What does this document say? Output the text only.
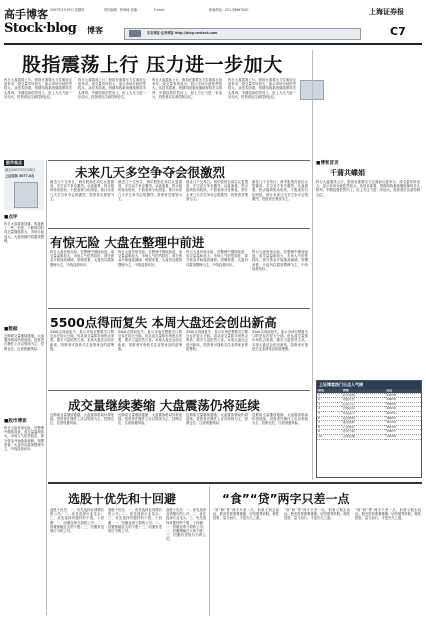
高手博客 2007年3月29日 星期四	责任编辑：张海涛 美编：	E-mail：	新闻热线：021-38967000	上海证券报
Stock·blog 博客	实名博客·证券博客 http://blog.cnstock.com	C7
股指震荡上行 压力进一步加大
昨日大盘震荡上行，股指在重要压力位面前反复争夺，成交量有所放大，显示市场分歧依然较大。从技术面看，短期均线系统继续保持多头排列，中期趋势依然向上，但上方压力进一步加大，投资者应注意控制仓位。
昨日大盘震荡上行，股指在重要压力位面前反复争夺，成交量有所放大，显示市场分歧依然较大。从技术面看，短期均线系统继续保持多头排列，中期趋势依然向上，但上方压力进一步加大，投资者应注意控制仓位。
昨日大盘震荡上行，股指在重要压力位面前反复争夺，成交量有所放大，显示市场分歧依然较大。从技术面看，短期均线系统继续保持多头排列，中期趋势依然向上，但上方压力进一步加大，投资者应注意控制仓位。
昨日大盘震荡上行，股指在重要压力位面前反复争夺，成交量有所放大，显示市场分歧依然较大。从技术面看，短期均线系统继续保持多头排列，中期趋势依然向上，但上方压力进一步加大，投资者应注意控制仓位。
股市观点
截至2007年3月28日
上证综指 3077.8点
■点评
昨日大盘震荡回落，收盘跌了一些。但是，下跌的同时成交量继续放大，市场分歧加大，大盘短期内将震荡整理。
■数据
近期成交量继续萎缩，大盘震荡格局仍将延续。投资者在操作上应以短线为主，控制仓位，注意规避风险。
■股市博客
昨日大盘有惊无险，在整理中继续前进。成交量温和放大，市场人气依然较旺，部分资金开始逢高减磅。短期来看，大盘仍以震荡整理为主，中线趋势向好。
未来几天多空争夺会很激烈
最近几个交易日，两市股指在高位反复震荡，多空双方争夺激烈。从盘面看，热点板块轮动较快，个股表现分化明显。预计未来几天多空争夺会很激烈，投资者宜观望为主。
最近几个交易日，两市股指在高位反复震荡，多空双方争夺激烈。从盘面看，热点板块轮动较快，个股表现分化明显。预计未来几天多空争夺会很激烈，投资者宜观望为主。
最近几个交易日，两市股指在高位反复震荡，多空双方争夺激烈。从盘面看，热点板块轮动较快，个股表现分化明显。预计未来几天多空争夺会很激烈，投资者宜观望为主。
最近几个交易日，两市股指在高位反复震荡，多空双方争夺激烈。从盘面看，热点板块轮动较快，个股表现分化明显。预计未来几天多空争夺会很激烈，投资者宜观望为主。
有惊无险 大盘在整理中前进
昨日大盘有惊无险，在整理中继续前进。成交量温和放大，市场人气依然较旺，部分资金开始逢高减磅。短期来看，大盘仍以震荡整理为主，中线趋势向好。
昨日大盘有惊无险，在整理中继续前进。成交量温和放大，市场人气依然较旺，部分资金开始逢高减磅。短期来看，大盘仍以震荡整理为主，中线趋势向好。
昨日大盘有惊无险，在整理中继续前进。成交量温和放大，市场人气依然较旺，部分资金开始逢高减磅。短期来看，大盘仍以震荡整理为主，中线趋势向好。
昨日大盘有惊无险，在整理中继续前进。成交量温和放大，市场人气依然较旺，部分资金开始逢高减磅。短期来看，大盘仍以震荡整理为主，中线趋势向好。
5500点得而复失 本周大盘还会创出新高
5500点得而复失，显示市场在整数关口附近存在较大分歧。但从成交量和市场热点来看，做多力量依然占优。本周大盘还会创出新高，投资者可逢低关注业绩优良的蓝筹股。
5500点得而复失，显示市场在整数关口附近存在较大分歧。但从成交量和市场热点来看，做多力量依然占优。本周大盘还会创出新高，投资者可逢低关注业绩优良的蓝筹股。
5500点得而复失，显示市场在整数关口附近存在较大分歧。但从成交量和市场热点来看，做多力量依然占优。本周大盘还会创出新高，投资者可逢低关注业绩优良的蓝筹股。
5500点得而复失，显示市场在整数关口附近存在较大分歧。但从成交量和市场热点来看，做多力量依然占优。本周大盘还会创出新高，投资者可逢低关注业绩优良的蓝筹股。
成交量继续萎缩 大盘震荡仍将延续
近期成交量继续萎缩，大盘震荡格局仍将延续。投资者在操作上应以短线为主，控制仓位，注意规避风险。
近期成交量继续萎缩，大盘震荡格局仍将延续。投资者在操作上应以短线为主，控制仓位，注意规避风险。
近期成交量继续萎缩，大盘震荡格局仍将延续。投资者在操作上应以短线为主，控制仓位，注意规避风险。
近期成交量继续萎缩，大盘震荡格局仍将延续。投资者在操作上应以短线为主，控制仓位，注意规避风险。
■博客首页
千蒲共蝶娟
昨日大盘震荡上行，股指在重要压力位面前反复争夺，成交量有所放大，显示市场分歧依然较大。从技术面看，短期均线系统继续保持多头排列，中期趋势依然向上，但上方压力进一步加大，投资者应注意控制仓位。
上证博客热门日点人气榜
排名	博客	点击
1	股市观察	33218
2	财经评论	29876
3	投资日记	25643
4	价值投资	22018
5	短线高手	20371
6	趋势研判	18652
7	基金视野	16734
8	行业研究	15120
9	技术分析	13877
10	宏观纵横	12590
选股十优先和十回避
选股十优先：一、优先选择业绩增长的公司；二、优先选择行业龙头；三、优先选择有题材的个股。十回避：一、回避业绩亏损的公司；二、回避涨幅过大的个股；三、回避有违规行为的公司。
选股十优先：一、优先选择业绩增长的公司；二、优先选择行业龙头；三、优先选择有题材的个股。十回避：一、回避业绩亏损的公司；二、回避涨幅过大的个股；三、回避有违规行为的公司。
选股十优先：一、优先选择业绩增长的公司；二、优先选择行业龙头；三、优先选择有题材的个股。十回避：一、回避业绩亏损的公司；二、回避涨幅过大的个股；三、回避有违规行为的公司。
“食”“贷”两字只差一点
“食”和“贷”两字只差一点，但意义相去甚远。股市投资需要谨慎，切勿借贷炒股。理性投资，量力而行，才是长久之道。
“食”和“贷”两字只差一点，但意义相去甚远。股市投资需要谨慎，切勿借贷炒股。理性投资，量力而行，才是长久之道。
“食”和“贷”两字只差一点，但意义相去甚远。股市投资需要谨慎，切勿借贷炒股。理性投资，量力而行，才是长久之道。
